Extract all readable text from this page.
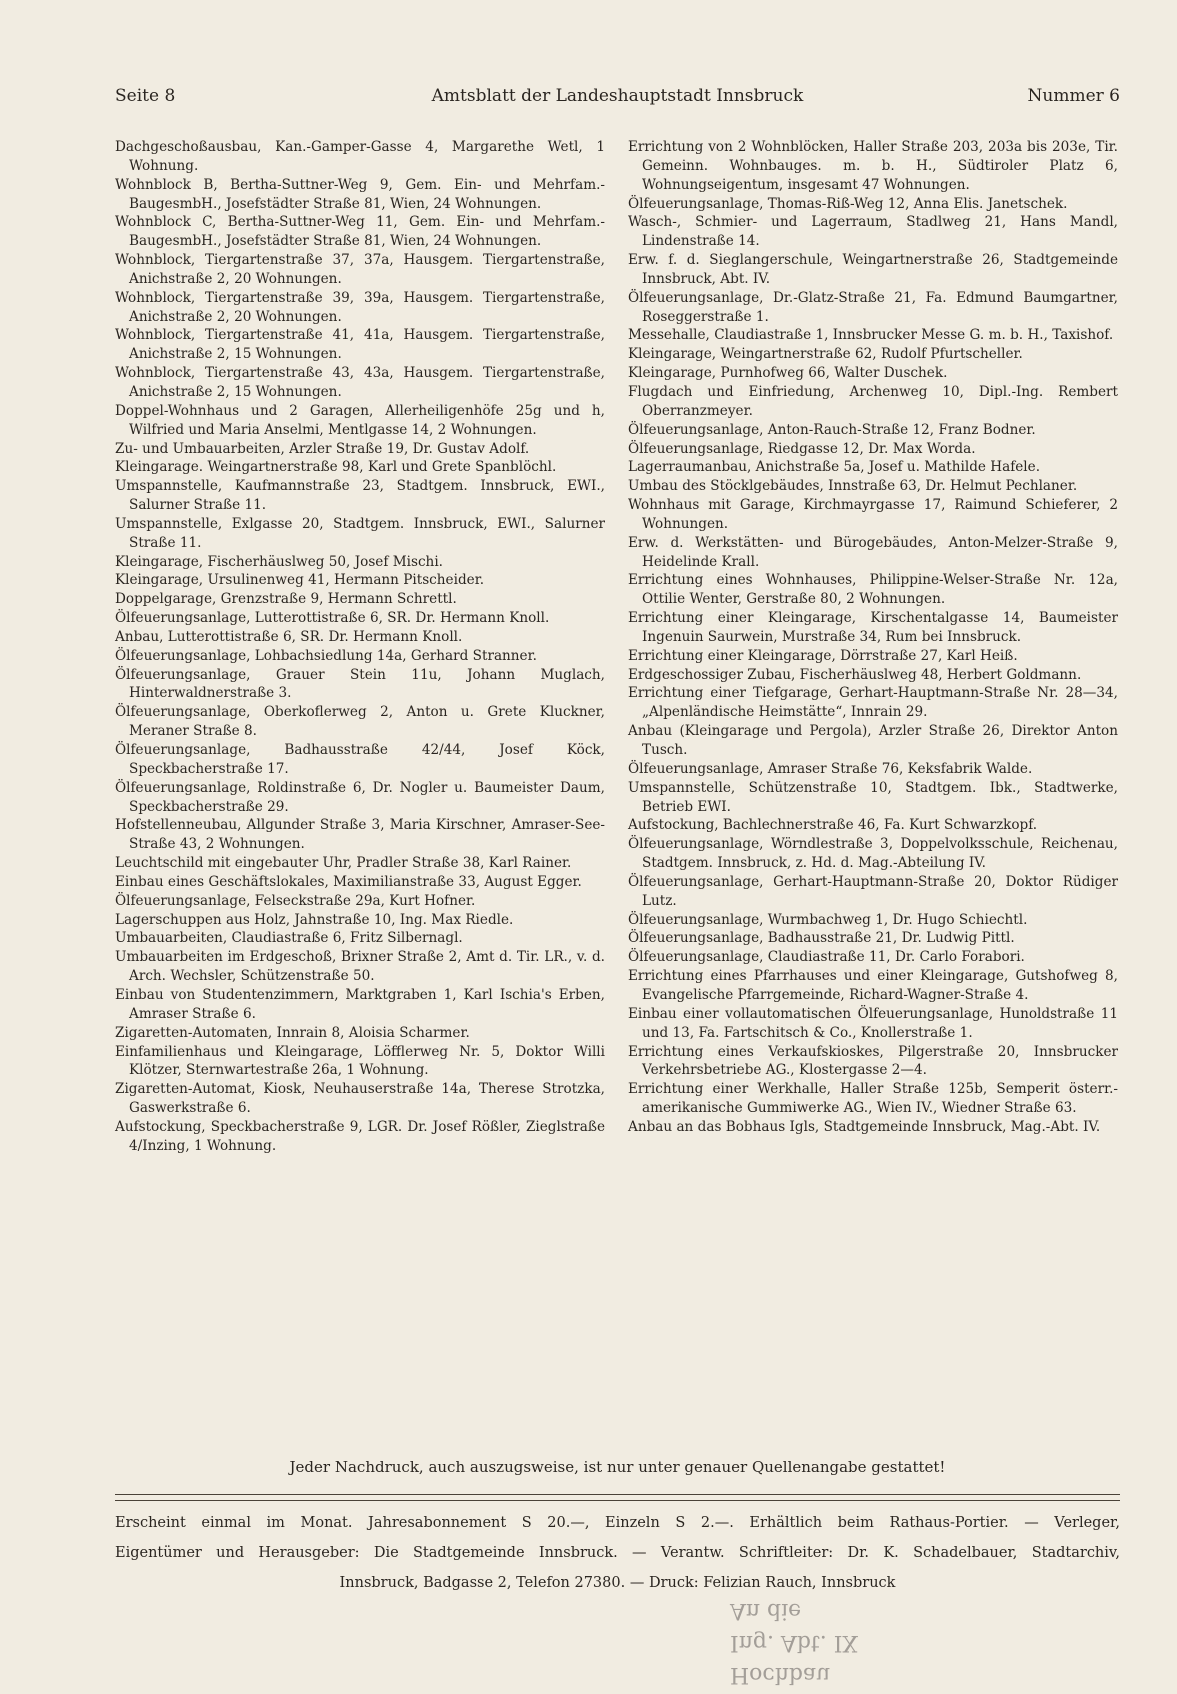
Seite 8	Amtsblatt der Landeshauptstadt Innsbruck	Nummer 6

Dachgeschoßausbau, Kan.-Gamper-Gasse 4, Margarethe Wetl, 1 Wohnung.

Wohnblock B, Bertha-Suttner-Weg 9, Gem. Ein- und Mehrfam.-BaugesmbH., Josefstädter Straße 81, Wien, 24 Wohnungen.

Wohnblock C, Bertha-Suttner-Weg 11, Gem. Ein- und Mehrfam.-BaugesmbH., Josefstädter Straße 81, Wien, 24 Wohnungen.

Wohnblock, Tiergartenstraße 37, 37a, Hausgem. Tiergartenstraße, Anichstraße 2, 20 Wohnungen.

Wohnblock, Tiergartenstraße 39, 39a, Hausgem. Tiergartenstraße, Anichstraße 2, 20 Wohnungen.

Wohnblock, Tiergartenstraße 41, 41a, Hausgem. Tiergartenstraße, Anichstraße 2, 15 Wohnungen.

Wohnblock, Tiergartenstraße 43, 43a, Hausgem. Tiergartenstraße, Anichstraße 2, 15 Wohnungen.

Doppel-Wohnhaus und 2 Garagen, Allerheiligenhöfe 25g und h, Wilfried und Maria Anselmi, Mentlgasse 14, 2 Wohnungen.

Zu- und Umbauarbeiten, Arzler Straße 19, Dr. Gustav Adolf.

Kleingarage. Weingartnerstraße 98, Karl und Grete Spanblöchl.

Umspannstelle, Kaufmannstraße 23, Stadtgem. Innsbruck, EWI., Salurner Straße 11.

Umspannstelle, Exlgasse 20, Stadtgem. Innsbruck, EWI., Salurner Straße 11.

Kleingarage, Fischerhäuslweg 50, Josef Mischi.

Kleingarage, Ursulinenweg 41, Hermann Pitscheider.

Doppelgarage, Grenzstraße 9, Hermann Schrettl.

Ölfeuerungsanlage, Lutterottistraße 6, SR. Dr. Hermann Knoll.

Anbau, Lutterottistraße 6, SR. Dr. Hermann Knoll.

Ölfeuerungsanlage, Lohbachsiedlung 14a, Gerhard Stranner.

Ölfeuerungsanlage, Grauer Stein 11u, Johann Muglach, Hinterwaldnerstraße 3.

Ölfeuerungsanlage, Oberkoflerweg 2, Anton u. Grete Kluckner, Meraner Straße 8.

Ölfeuerungsanlage, Badhausstraße 42/44, Josef Köck, Speckbacherstraße 17.

Ölfeuerungsanlage, Roldinstraße 6, Dr. Nogler u. Baumeister Daum, Speckbacherstraße 29.

Hofstellenneubau, Allgunder Straße 3, Maria Kirschner, Amraser-See-Straße 43, 2 Wohnungen.

Leuchtschild mit eingebauter Uhr, Pradler Straße 38, Karl Rainer.

Einbau eines Geschäftslokales, Maximilianstraße 33, August Egger.

Ölfeuerungsanlage, Felseckstraße 29a, Kurt Hofner.

Lagerschuppen aus Holz, Jahnstraße 10, Ing. Max Riedle.

Umbauarbeiten, Claudiastraße 6, Fritz Silbernagl.

Umbauarbeiten im Erdgeschoß, Brixner Straße 2, Amt d. Tir. LR., v. d. Arch. Wechsler, Schützenstraße 50.

Einbau von Studentenzimmern, Marktgraben 1, Karl Ischia's Erben, Amraser Straße 6.

Zigaretten-Automaten, Innrain 8, Aloisia Scharmer.

Einfamilienhaus und Kleingarage, Löfflerweg Nr. 5, Doktor Willi Klötzer, Sternwartestraße 26a, 1 Wohnung.

Zigaretten-Automat, Kiosk, Neuhauserstraße 14a, Therese Strotzka, Gaswerkstraße 6.

Aufstockung, Speckbacherstraße 9, LGR. Dr. Josef Rößler, Zieglstraße 4/Inzing, 1 Wohnung.

Errichtung von 2 Wohnblöcken, Haller Straße 203, 203a bis 203e, Tir. Gemeinn. Wohnbauges. m. b. H., Südtiroler Platz 6, Wohnungseigentum, insgesamt 47 Wohnungen.

Ölfeuerungsanlage, Thomas-Riß-Weg 12, Anna Elis. Janetschek.

Wasch-, Schmier- und Lagerraum, Stadlweg 21, Hans Mandl, Lindenstraße 14.

Erw. f. d. Sieglangerschule, Weingartnerstraße 26, Stadtgemeinde Innsbruck, Abt. IV.

Ölfeuerungsanlage, Dr.-Glatz-Straße 21, Fa. Edmund Baumgartner, Roseggerstraße 1.

Messehalle, Claudiastraße 1, Innsbrucker Messe G. m. b. H., Taxishof.

Kleingarage, Weingartnerstraße 62, Rudolf Pfurtscheller.

Kleingarage, Purnhofweg 66, Walter Duschek.

Flugdach und Einfriedung, Archenweg 10, Dipl.-Ing. Rembert Oberranzmeyer.

Ölfeuerungsanlage, Anton-Rauch-Straße 12, Franz Bodner.

Ölfeuerungsanlage, Riedgasse 12, Dr. Max Worda.

Lagerraumanbau, Anichstraße 5a, Josef u. Mathilde Hafele.

Umbau des Stöcklgebäudes, Innstraße 63, Dr. Helmut Pechlaner.

Wohnhaus mit Garage, Kirchmayrgasse 17, Raimund Schieferer, 2 Wohnungen.

Erw. d. Werkstätten- und Bürogebäudes, Anton-Melzer-Straße 9, Heidelinde Krall.

Errichtung eines Wohnhauses, Philippine-Welser-Straße Nr. 12a, Ottilie Wenter, Gerstraße 80, 2 Wohnungen.

Errichtung einer Kleingarage, Kirschentalgasse 14, Baumeister Ingenuin Saurwein, Murstraße 34, Rum bei Innsbruck.

Errichtung einer Kleingarage, Dörrstraße 27, Karl Heiß.

Erdgeschossiger Zubau, Fischerhäuslweg 48, Herbert Goldmann.

Errichtung einer Tiefgarage, Gerhart-Hauptmann-Straße Nr. 28—34, „Alpenländische Heimstätte“, Innrain 29.

Anbau (Kleingarage und Pergola), Arzler Straße 26, Direktor Anton Tusch.

Ölfeuerungsanlage, Amraser Straße 76, Keksfabrik Walde.

Umspannstelle, Schützenstraße 10, Stadtgem. Ibk., Stadtwerke, Betrieb EWI.

Aufstockung, Bachlechnerstraße 46, Fa. Kurt Schwarzkopf.

Ölfeuerungsanlage, Wörndlestraße 3, Doppelvolksschule, Reichenau, Stadtgem. Innsbruck, z. Hd. d. Mag.-Abteilung IV.

Ölfeuerungsanlage, Gerhart-Hauptmann-Straße 20, Doktor Rüdiger Lutz.

Ölfeuerungsanlage, Wurmbachweg 1, Dr. Hugo Schiechtl.

Ölfeuerungsanlage, Badhausstraße 21, Dr. Ludwig Pittl.

Ölfeuerungsanlage, Claudiastraße 11, Dr. Carlo Forabori.

Errichtung eines Pfarrhauses und einer Kleingarage, Gutshofweg 8, Evangelische Pfarrgemeinde, Richard-Wagner-Straße 4.

Einbau einer vollautomatischen Ölfeuerungsanlage, Hunoldstraße 11 und 13, Fa. Fartschitsch & Co., Knollerstraße 1.

Errichtung eines Verkaufskioskes, Pilgerstraße 20, Innsbrucker Verkehrsbetriebe AG., Klostergasse 2—4.

Errichtung einer Werkhalle, Haller Straße 125b, Semperit österr.-amerikanische Gummiwerke AG., Wien IV., Wiedner Straße 63.

Anbau an das Bobhaus Igls, Stadtgemeinde Innsbruck, Mag.-Abt. IV.

Jeder Nachdruck, auch auszugsweise, ist nur unter genauer Quellenangabe gestattet!
Erscheint einmal im Monat. Jahresabonnement S 20.—, Einzeln S 2.—. Erhältlich beim Rathaus-Portier. — Verleger,
Eigentümer und Herausgeber: Die Stadtgemeinde Innsbruck. — Verantw. Schriftleiter: Dr. K. Schadelbauer, Stadtarchiv,
Innsbruck, Badgasse 2, Telefon 27380. — Druck: Felizian Rauch, Innsbruck
Hochbau
Ing. Abt. IX
An die
